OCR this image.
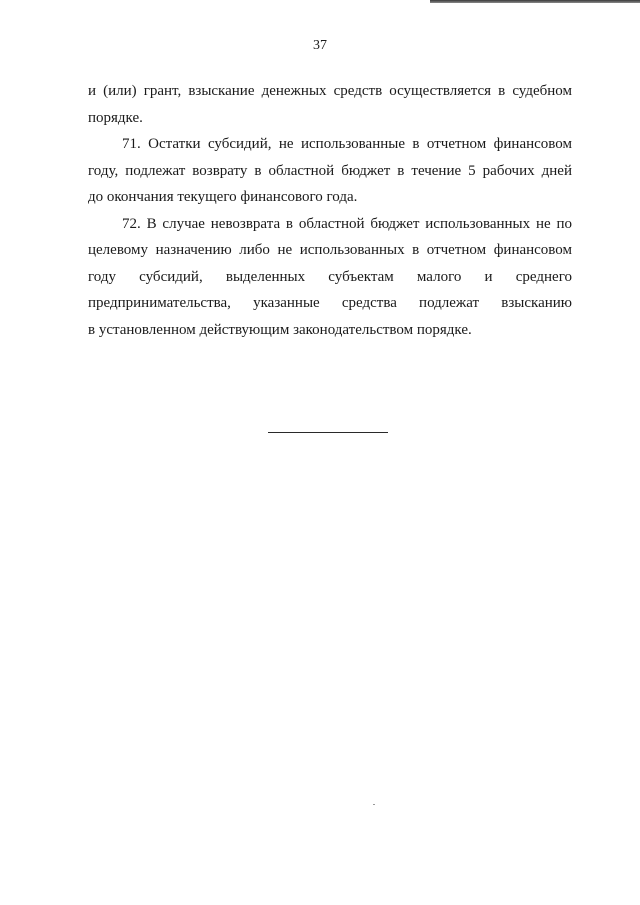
37
и (или) грант, взыскание денежных средств осуществляется в судебном
порядке.
71. Остатки субсидий, не использованные в отчетном финансовом
году, подлежат возврату в областной бюджет в течение 5 рабочих дней
до окончания текущего финансового года.
72. В случае невозврата в областной бюджет использованных не по
целевому назначению либо не использованных в отчетном финансовом
году субсидий, выделенных субъектам малого и среднего
предпринимательства, указанные средства подлежат взысканию
в установленном действующим законодательством порядке.
